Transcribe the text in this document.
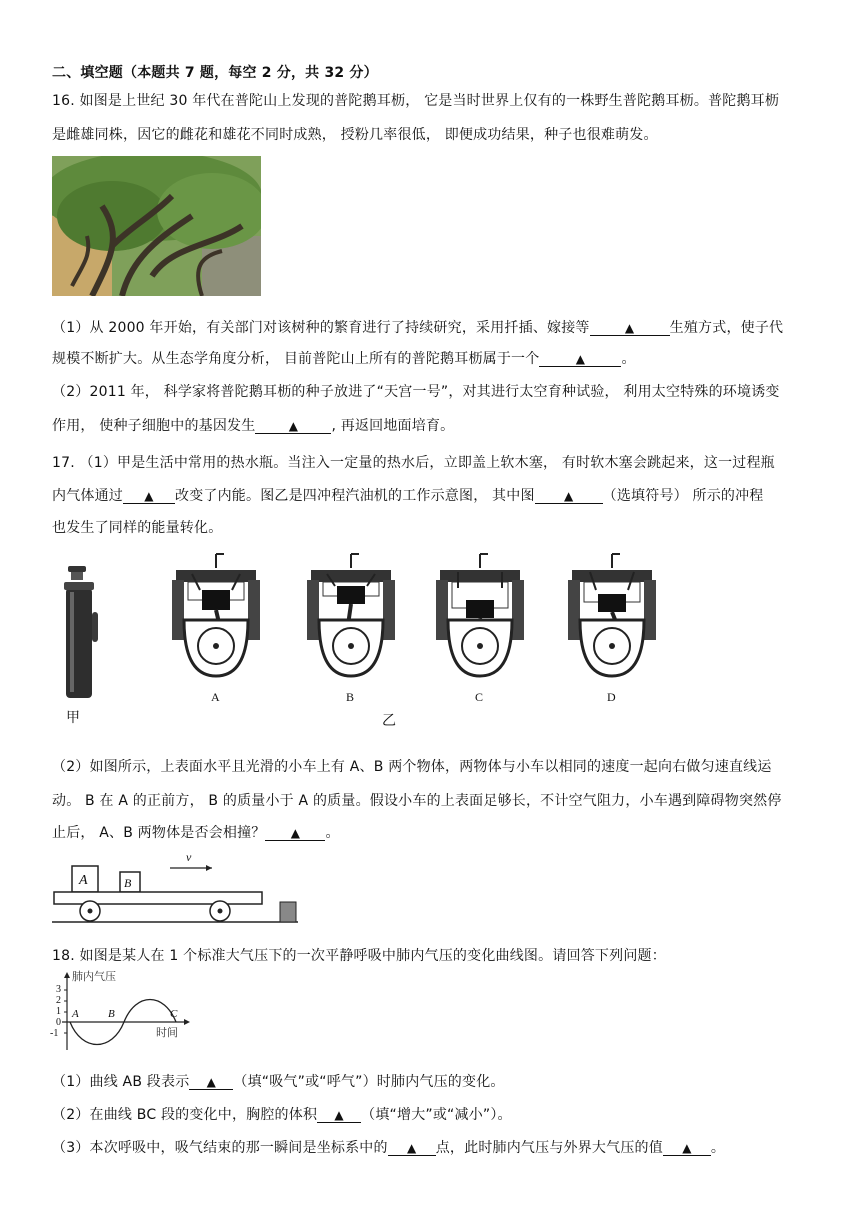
二、填空题（本题共 7 题，每空 2 分，共 32 分）
16. 如图是上世纪 30 年代在普陀山上发现的普陀鹅耳枥， 它是当时世界上仅有的一株野生普陀鹅耳枥。普陀鹅耳枥
是雌雄同株，因它的雌花和雄花不同时成熟， 授粉几率很低， 即便成功结果，种子也很难萌发。
（1）从 2000 年开始，有关部门对该树种的繁育进行了持续研究，采用扦插、嫁接等	▲	生殖方式，使子代
规模不断扩大。从生态学角度分析， 目前普陀山上所有的普陀鹅耳枥属于一个	▲	。
（2）2011 年， 科学家将普陀鹅耳枥的种子放进了“天宫一号”，对其进行太空育种试验， 利用太空特殊的环境诱变
作用， 使种子细胞中的基因发生	▲ , 再返回地面培育。
17. （1）甲是生活中常用的热水瓶。当注入一定量的热水后，立即盖上软木塞， 有时软木塞会跳起来，这一过程瓶
内气体通过 ▲ 改变了内能。图乙是四冲程汽油机的工作示意图， 其中图 ▲ （选填符号） 所示的冲程
也发生了同样的能量转化。
甲
A	B	C	D
乙
（2）如图所示，上表面水平且光滑的小车上有 A、B 两个物体，两物体与小车以相同的速度一起向右做匀速直线运
动。 B 在 A 的正前方， B 的质量小于 A 的质量。假设小车的上表面足够长，不计空气阻力，小车遇到障碍物突然停
止后， A、B 两物体是否会相撞？ ▲ 。
A	B
v
18. 如图是某人在 1 个标准大气压下的一次平静呼吸中肺内气压的变化曲线图。请回答下列问题：
肺内气压
时间
3
2
1
0
-1
A	B	C
（1）曲线 AB 段表示 ▲ （填“吸气”或“呼气”）时肺内气压的变化。
（2）在曲线 BC 段的变化中，胸腔的体积 ▲ （填“增大”或“减小”）。
（3）本次呼吸中，吸气结束的那一瞬间是坐标系中的 ▲ 点，此时肺内气压与外界大气压的值 ▲ 。
